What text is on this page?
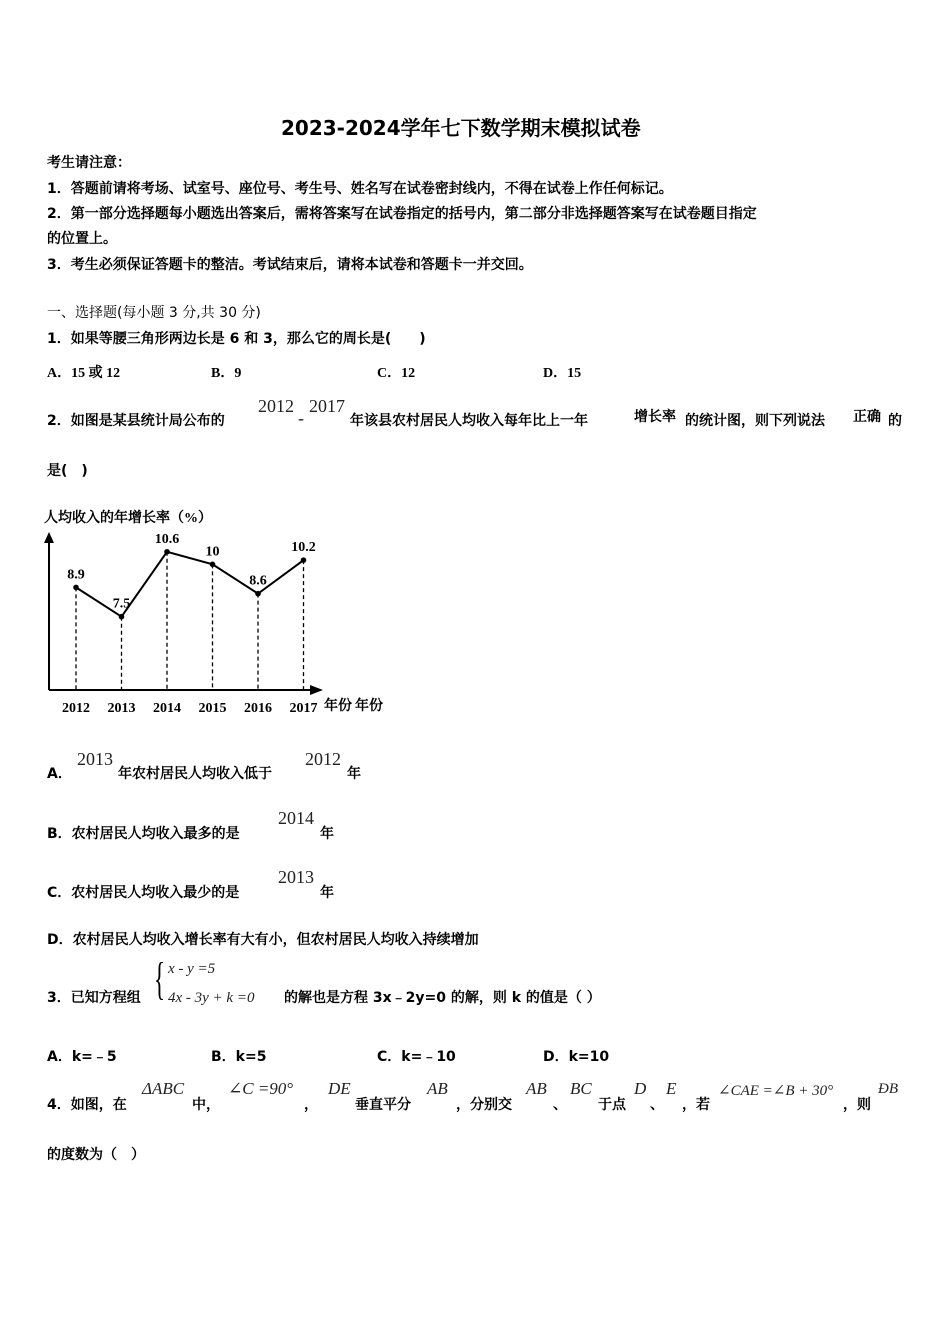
2023-2024学年七下数学期末模拟试卷
考生请注意：
1．答题前请将考场、试室号、座位号、考生号、姓名写在试卷密封线内，不得在试卷上作任何标记。
2．第一部分选择题每小题选出答案后，需将答案写在试卷指定的括号内，第二部分非选择题答案写在试卷题目指定
的位置上。
3．考生必须保证答题卡的整洁。考试结束后，请将本试卷和答题卡一并交回。
一、选择题(每小题 3 分,共 30 分)
1．如果等腰三角形两边长是 6 和 3，那么它的周长是(　　)
A．15 或 12	B．9	C．12	D．15
2．如图是某县统计局公布的
2012
-
2017
年该县农村居民人均收入每年比上一年	增长率 的统计图，则下列说法 正确 的
是(　)
人均收入的年增长率（%）
8.9
7.5
10.6
10
8.6
10.2
2012 2013 2014 2015 2016 2017 年份 年份
A．
2013
年农村居民人均收入低于
2012
年
B．农村居民人均收入最多的是
2014
年
C．农村居民人均收入最少的是
2013
年
D．农村居民人均收入增长率有大有小，但农村居民人均收入持续增加
3．已知方程组 { x - y =5
4x - 3y + k =0 的解也是方程 3x﹣2y=0 的解，则 k 的值是（ ）
A．k=﹣5	B．k=5	C．k=﹣10	D．k=10
4．如图，在
ΔABC
中，
∠C =90°
，
DE
垂直平分
AB
，分别交
AB
、
BC
于点
D
、
E
，若
∠CAE =∠B + 30°
，则
ÐB
的度数为（　）
